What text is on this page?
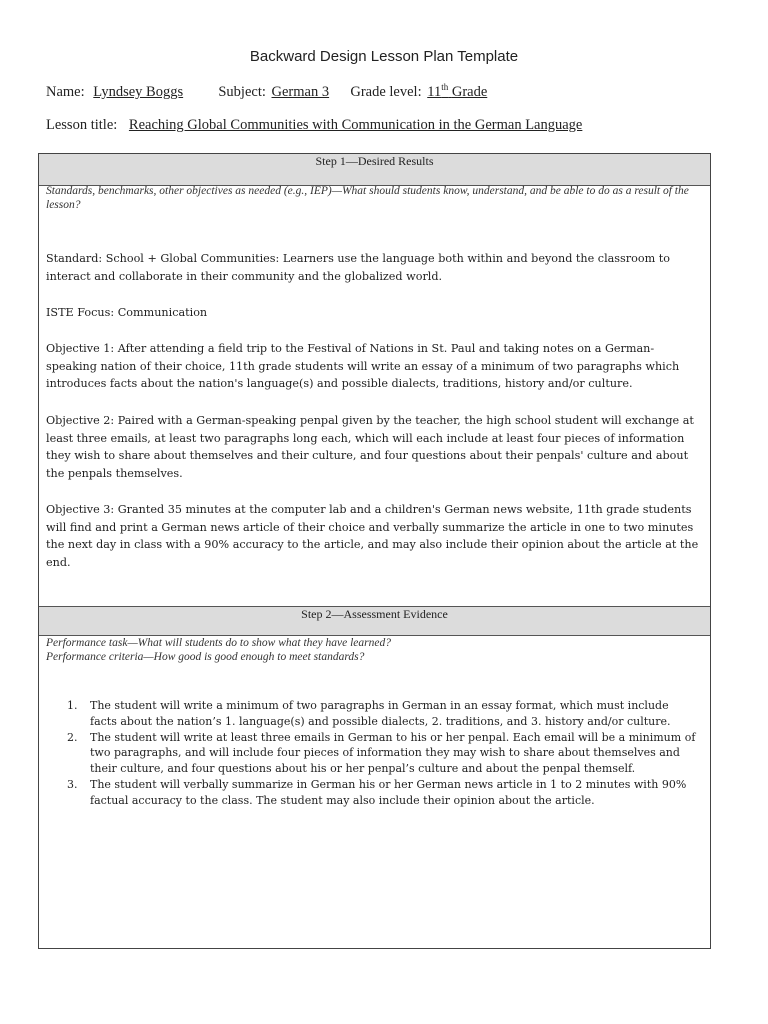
Backward Design Lesson Plan Template
Name: Lyndsey Boggs Subject: German 3 Grade level: 11th Grade
Lesson title: Reaching Global Communities with Communication in the German Language
Step 1—Desired Results
Standards, benchmarks, other objectives as needed (e.g., IEP)—What should students know, understand, and be able to do as a result of the lesson?
Standard: School + Global Communities: Learners use the language both within and beyond the classroom to interact and collaborate in their community and the globalized world.
ISTE Focus: Communication
Objective 1: After attending a field trip to the Festival of Nations in St. Paul and taking notes on a German-speaking nation of their choice, 11th grade students will write an essay of a minimum of two paragraphs which introduces facts about the nation's language(s) and possible dialects, traditions, history and/or culture.
Objective 2: Paired with a German-speaking penpal given by the teacher, the high school student will exchange at least three emails, at least two paragraphs long each, which will each include at least four pieces of information they wish to share about themselves and their culture, and four questions about their penpals' culture and about the penpals themselves.
Objective 3: Granted 35 minutes at the computer lab and a children's German news website, 11th grade students will find and print a German news article of their choice and verbally summarize the article in one to two minutes the next day in class with a 90% accuracy to the article, and may also include their opinion about the article at the end.
Step 2—Assessment Evidence
Performance task—What will students do to show what they have learned?
Performance criteria—How good is good enough to meet standards?
1. The student will write a minimum of two paragraphs in German in an essay format, which must include facts about the nation’s 1. language(s) and possible dialects, 2. traditions, and 3. history and/or culture.
2. The student will write at least three emails in German to his or her penpal. Each email will be a minimum of two paragraphs, and will include four pieces of information they may wish to share about themselves and their culture, and four questions about his or her penpal’s culture and about the penpal themself.
3. The student will verbally summarize in German his or her German news article in 1 to 2 minutes with 90% factual accuracy to the class. The student may also include their opinion about the article.
